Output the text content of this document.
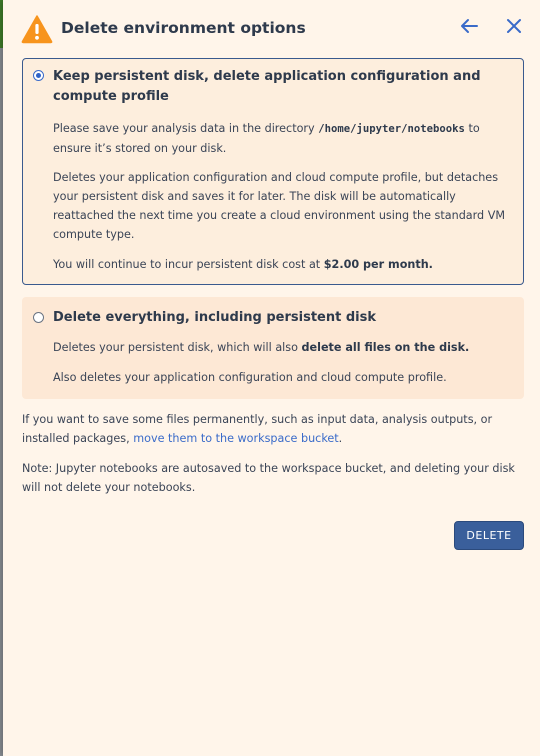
Delete environment options
Keep persistent disk, delete application configuration and compute profile
Please save your analysis data in the directory /home/jupyter/notebooks to ensure it’s stored on your disk.
Deletes your application configuration and cloud compute profile, but detaches your persistent disk and saves it for later. The disk will be automatically reattached the next time you create a cloud environment using the standard VM compute type.
You will continue to incur persistent disk cost at $2.00 per month.
Delete everything, including persistent disk
Deletes your persistent disk, which will also delete all files on the disk.
Also deletes your application configuration and cloud compute profile.
If you want to save some files permanently, such as input data, analysis outputs, or installed packages, move them to the workspace bucket.
Note: Jupyter notebooks are autosaved to the workspace bucket, and deleting your disk will not delete your notebooks.
DELETE
